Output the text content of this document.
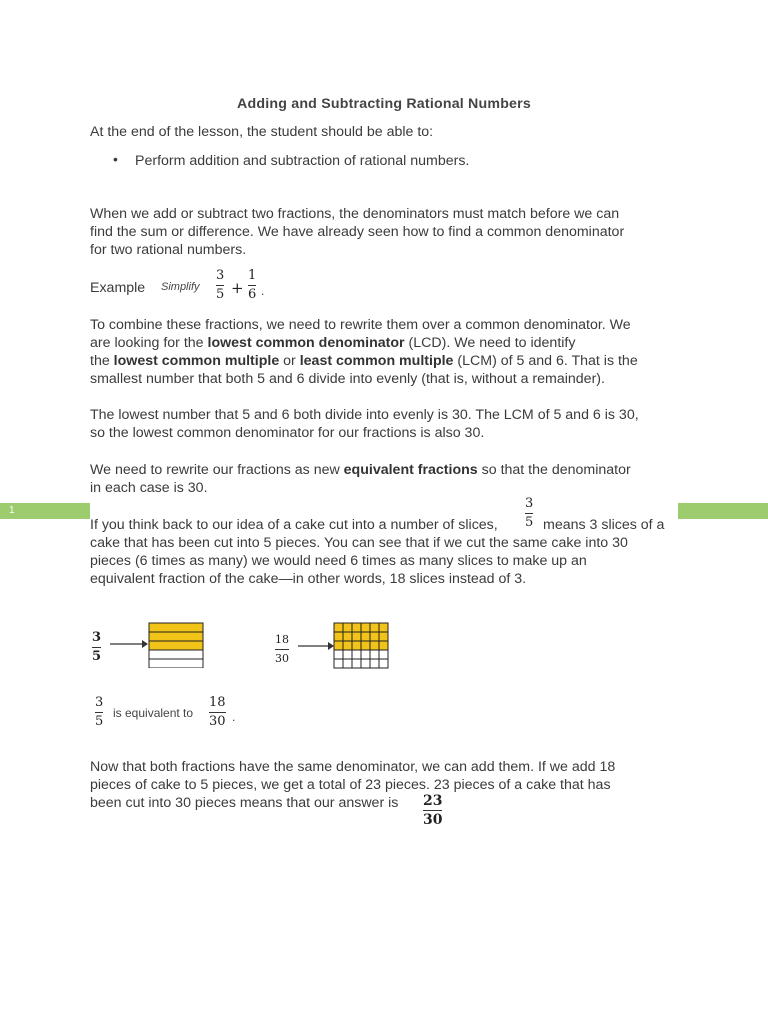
Adding and Subtracting Rational Numbers
At the end of the lesson, the student should be able to:
• Perform addition and subtraction of rational numbers.
When we add or subtract two fractions, the denominators must match before we can
find the sum or difference. We have already seen how to find a common denominator
for two rational numbers.
Example Simplify
3
5 +
1
6 .
To combine these fractions, we need to rewrite them over a common denominator. We
are looking for the lowest common denominator (LCD). We need to identify
the lowest common multiple or least common multiple (LCM) of 5 and 6. That is the
smallest number that both 5 and 6 divide into evenly (that is, without a remainder).
The lowest number that 5 and 6 both divide into evenly is 30. The LCM of 5 and 6 is 30,
so the lowest common denominator for our fractions is also 30.
We need to rewrite our fractions as new equivalent fractions so that the denominator
in each case is 30.
1
If you think back to our idea of a cake cut into a number of slices,
3
5 means 3 slices of a
cake that has been cut into 5 pieces. You can see that if we cut the same cake into 30
pieces (6 times as many) we would need 6 times as many slices to make up an
equivalent fraction of the cake—in other words, 18 slices instead of 3.
3
5
18
30
3
5
is equivalent to
18
30 .
Now that both fractions have the same denominator, we can add them. If we add 18
pieces of cake to 5 pieces, we get a total of 23 pieces. 23 pieces of a cake that has
been cut into 30 pieces means that our answer is 23
30
